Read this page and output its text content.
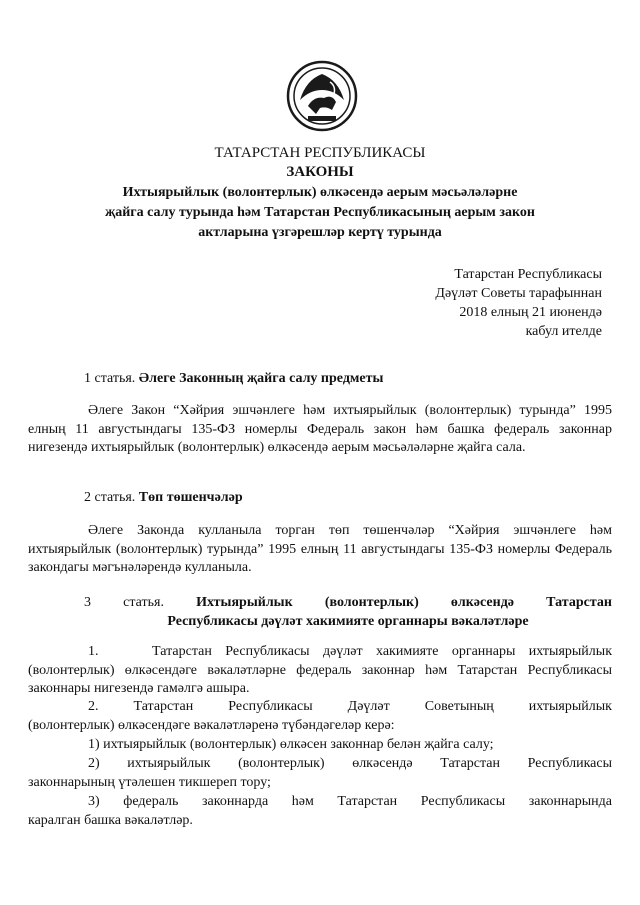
ТАТАРСТАН РЕСПУБЛИКАСЫ
ЗАКОНЫ
Ихтыярыйлык (волонтерлык) өлкәсендә аерым мәсьәләләрне
җайга салу турында һәм Татарстан Республикасының аерым закон
актларына үзгәрешләр кертү турында
Татарстан Республикасы
Дәүләт Советы тарафыннан
2018 елның 21 июнендә
кабул ителде
1 статья. Әлеге Законның җайга салу предметы
Әлеге Закон “Хәйрия эшчәнлеге һәм ихтыярыйлык (волонтерлык) турында” 1995 елның 11 августындагы 135-ФЗ номерлы Федераль закон һәм башка федераль законнар нигезендә ихтыярыйлык (волонтерлык) өлкәсендә аерым мәсьәләләрне җайга сала.
2 статья. Төп төшенчәләр
Әлеге Законда кулланыла торган төп төшенчәләр “Хәйрия эшчәнлеге һәм ихтыярыйлык (волонтерлык) турында” 1995 елның 11 августындагы 135-ФЗ номерлы Федераль закондагы мәгънәләрендә кулланыла.
3 статья. Ихтыярыйлык (волонтерлык) өлкәсендә Татарстан
Республикасы дәүләт хакимияте органнары вәкаләтләре
1.    Татарстан Республикасы дәүләт хакимияте органнары ихтыярыйлык (волонтерлык) өлкәсендәге вәкаләтләрне федераль законнар һәм Татарстан Республикасы законнары нигезендә гамәлгә ашыра.
2.	Татарстан	Республикасы	Дәүләт	Советының	ихтыярыйлык
(волонтерлык) өлкәсендәге вәкаләтләренә түбәндәгеләр керә:
1) ихтыярыйлык (волонтерлык) өлкәсен законнар белән җайга салу;
2) ихтыярыйлык (волонтерлык) өлкәсендә Татарстан Республикасы
законнарының үтәлешен тикшереп тору;
3) федераль законнарда һәм Татарстан Республикасы законнарында
каралган башка вәкаләтләр.
